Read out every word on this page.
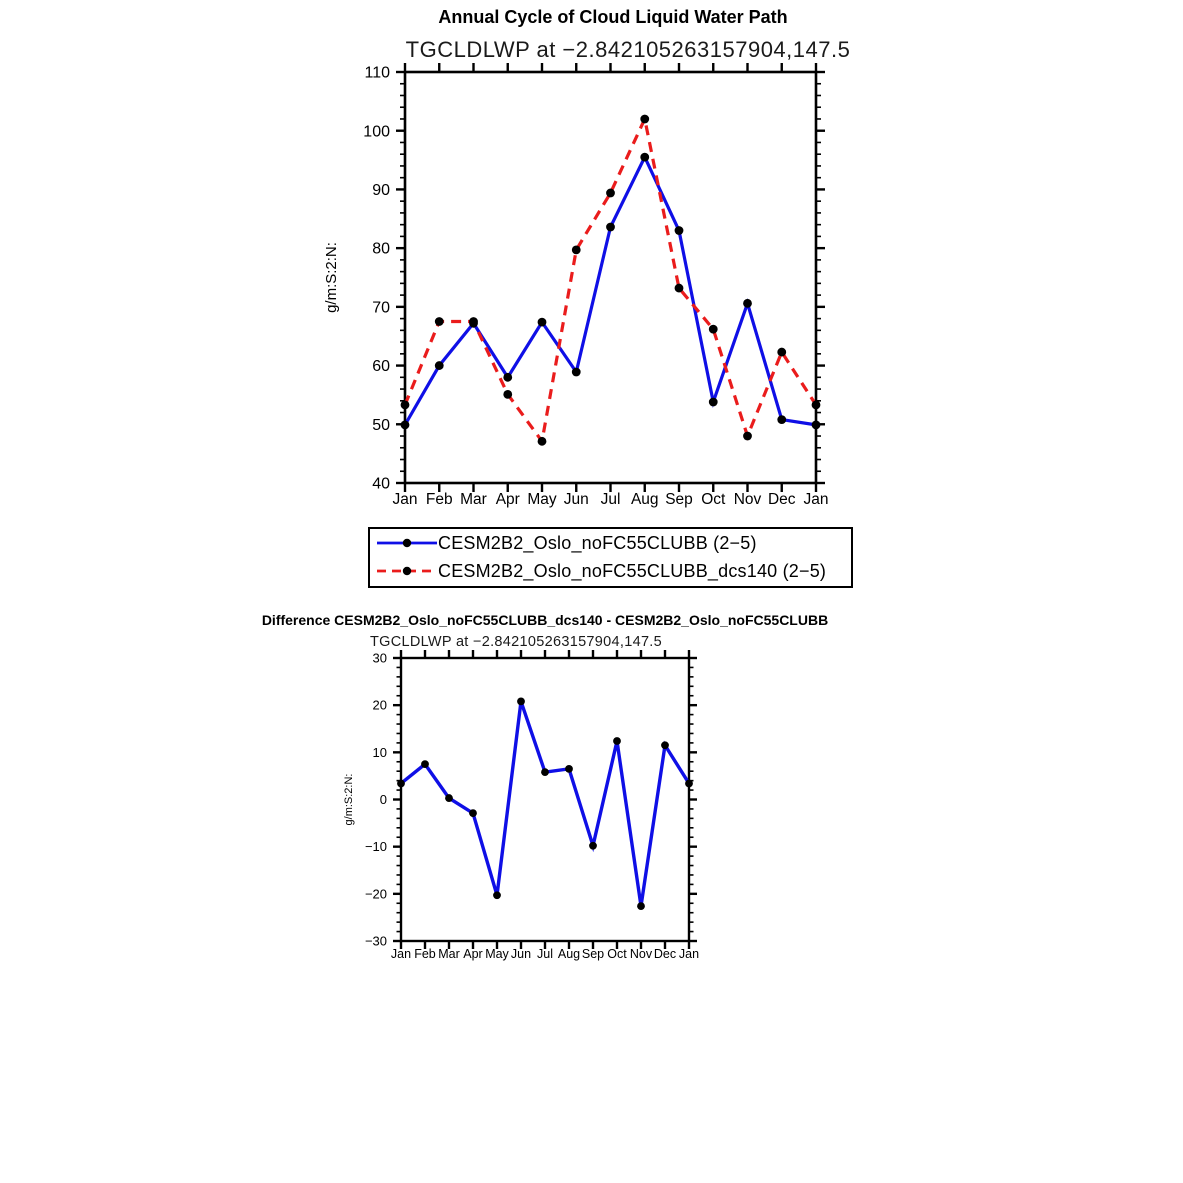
Annual Cycle of Cloud Liquid Water Path
TGCLDLWP at −2.842105263157904,147.5
40
50
60
70
80
90
100
110
Jan Feb Mar Apr May Jun Jul Aug Sep Oct Nov Dec Jan
g/m:S:2:N:
CESM2B2_Oslo_noFC55CLUBB (2−5)
CESM2B2_Oslo_noFC55CLUBB_dcs140 (2−5)
Difference CESM2B2_Oslo_noFC55CLUBB_dcs140 - CESM2B2_Oslo_noFC55CLUBB
TGCLDLWP at −2.842105263157904,147.5
−30
−20
−10
0
10
20
30
Jan Feb Mar Apr May Jun Jul Aug Sep Oct Nov Dec Jan
g/m:S:2:N:
